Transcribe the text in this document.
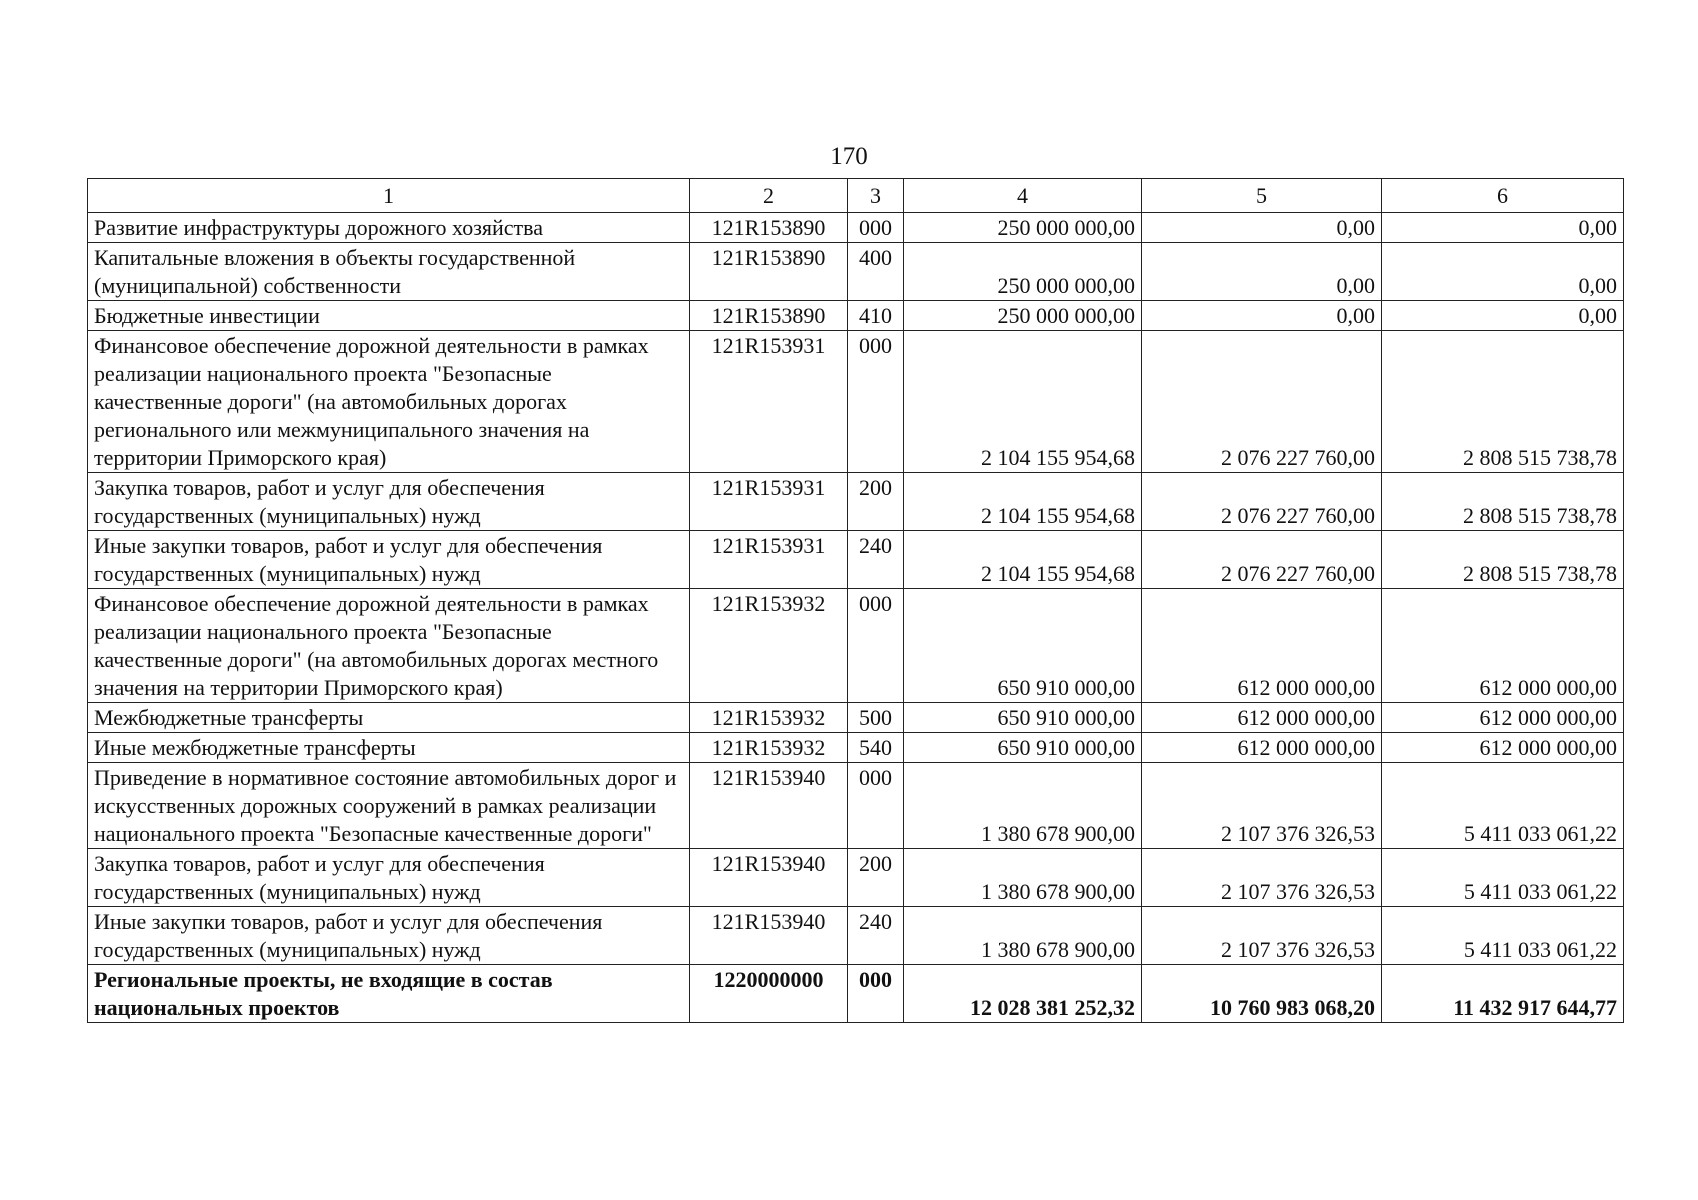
170
1	2	3	4	5	6
Развитие инфраструктуры дорожного хозяйства	121R153890	000	250 000 000,00	0,00	0,00
Капитальные вложения в объекты государственной (муниципальной) собственности	121R153890	400	250 000 000,00	0,00	0,00
Бюджетные инвестиции	121R153890	410	250 000 000,00	0,00	0,00
Финансовое обеспечение дорожной деятельности в рамках реализации национального проекта "Безопасные качественные дороги" (на автомобильных дорогах регионального или межмуниципального значения на территории Приморского края)	121R153931	000	2 104 155 954,68	2 076 227 760,00	2 808 515 738,78
Закупка товаров, работ и услуг для обеспечения государственных (муниципальных) нужд	121R153931	200	2 104 155 954,68	2 076 227 760,00	2 808 515 738,78
Иные закупки товаров, работ и услуг для обеспечения государственных (муниципальных) нужд	121R153931	240	2 104 155 954,68	2 076 227 760,00	2 808 515 738,78
Финансовое обеспечение дорожной деятельности в рамках реализации национального проекта "Безопасные качественные дороги" (на автомобильных дорогах местного значения на территории Приморского края)	121R153932	000	650 910 000,00	612 000 000,00	612 000 000,00
Межбюджетные трансферты	121R153932	500	650 910 000,00	612 000 000,00	612 000 000,00
Иные межбюджетные трансферты	121R153932	540	650 910 000,00	612 000 000,00	612 000 000,00
Приведение в нормативное состояние автомобильных дорог и искусственных дорожных сооружений в рамках реализации национального проекта "Безопасные качественные дороги"	121R153940	000	1 380 678 900,00	2 107 376 326,53	5 411 033 061,22
Закупка товаров, работ и услуг для обеспечения государственных (муниципальных) нужд	121R153940	200	1 380 678 900,00	2 107 376 326,53	5 411 033 061,22
Иные закупки товаров, работ и услуг для обеспечения государственных (муниципальных) нужд	121R153940	240	1 380 678 900,00	2 107 376 326,53	5 411 033 061,22
Региональные проекты, не входящие в состав национальных проектов	1220000000	000	12 028 381 252,32	10 760 983 068,20	11 432 917 644,77
